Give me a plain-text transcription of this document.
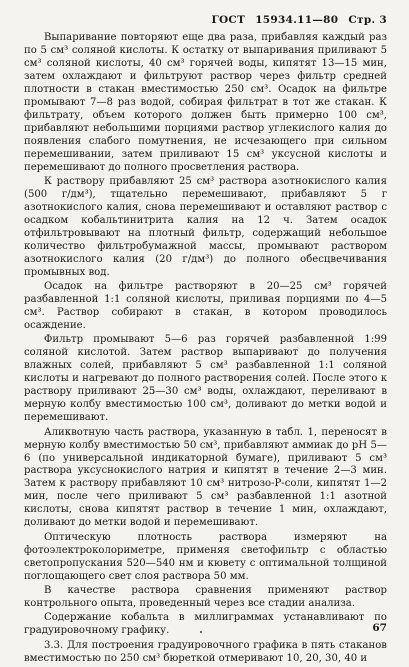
ГОСТ 15934.11—80 Стр. 3

Выпаривание повторяют еще два раза, прибавляя каждый раз по 5 см³ соляной кислоты. К остатку от выпаривания приливают 5 см³ соляной кислоты, 40 см³ горячей воды, кипятят 13—15 мин, затем охлаждают и фильтруют раствор через фильтр средней плотности в стакан вместимостью 250 см³. Осадок на фильтре промывают 7—8 раз водой, собирая фильтрат в тот же стакан. К фильтрату, объем которого должен быть примерно 100 см³, прибавляют небольшими порциями раствор углекислого калия до появления слабого помутнения, не исчезающего при сильном перемешивании, затем приливают 15 см³ уксусной кислоты и перемешивают до полного просветления раствора.

К раствору прибавляют 25 см³ раствора азотнокислого калия (500 г/дм³), тщательно перемешивают, прибавляют 5 г азотнокислого калия, снова перемешивают и оставляют раствор с осадком кобальтинитрита калия на 12 ч. Затем осадок отфильтровывают на плотный фильтр, содержащий небольшое количество фильтробумажной массы, промывают раствором азотнокислого калия (20 г/дм³) до полного обесцвечивания промывных вод.

Осадок на фильтре растворяют в 20—25 см³ горячей разбавленной 1:1 соляной кислоты, приливая порциями по 4—5 см³. Раствор собирают в стакан, в котором проводилось осаждение.

Фильтр промывают 5—6 раз горячей разбавленной 1:99 соляной кислотой. Затем раствор выпаривают до получения влажных солей, прибавляют 5 см³ разбавленной 1:1 соляной кислоты и нагревают до полного растворения солей. После этого к раствору приливают 25—30 см³ воды, охлаждают, переливают в мерную колбу вместимостью 100 см³, доливают до метки водой и перемешивают.

Аликвотную часть раствора, указанную в табл. 1, переносят в мерную колбу вместимостью 50 см³, прибавляют аммиак до pH 5—6 (по универсальной индикаторной бумаге), приливают 5 см³ раствора уксуснокислого натрия и кипятят в течение 2—3 мин. Затем к раствору прибавляют 10 см³ нитрозо-Р-соли, кипятят 1—2 мин, после чего приливают 5 см³ разбавленной 1:1 азотной кислоты, снова кипятят раствор в течение 1 мин, охлаждают, доливают до метки водой и перемешивают.

Оптическую плотность раствора измеряют на фотоэлектроколориметре, применяя светофильтр с областью светопропускания 520—540 нм и кювету с оптимальной толщиной поглощающего свет слоя раствора 50 мм.

В качестве раствора сравнения применяют раствор контрольного опыта, проведенный через все стадии анализа.

Содержание кобальта в миллиграммах устанавливают по градуировочному графику.

3.3. Для построения градуировочного графика в пять стаканов вместимостью по 250 см³ бюреткой отмеривают 10, 20, 30, 40 и

67
